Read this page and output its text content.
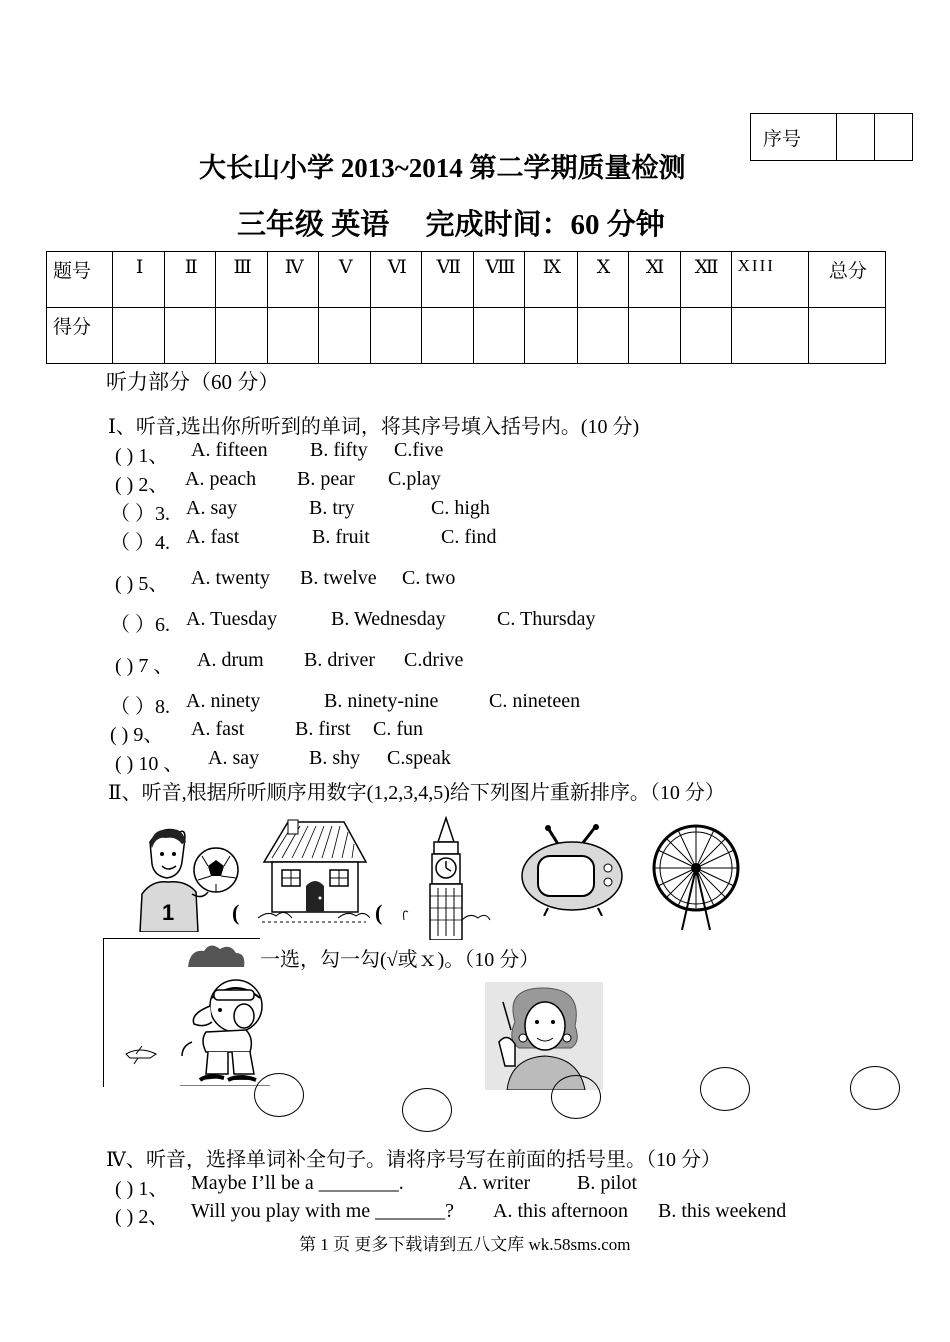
序号		
大长山小学 2013~2014 第二学期质量检测
三年级 英语　 完成时间：60 分钟
题号	Ⅰ	Ⅱ	Ⅲ	Ⅳ	Ⅴ	Ⅵ	Ⅶ	Ⅷ	Ⅸ	Ⅹ	Ⅺ	Ⅻ	XIII	总分
得分														
听力部分（60 分）
Ⅰ、听音,选出你所听到的单词，将其序号填入括号内。(10 分)
( ) 1、 A. fifteen B. fifty C.five
( ) 2、 A. peach B. pear C.play
（ ）3. A. say	B. try	C. high
（ ）4. A. fast	B. fruit	C. find
( ) 5、 A. twenty B. twelve C. two
（ ）6. A. Tuesday	B. Wednesday	C. Thursday
( ) 7 、 A. drum B. driver C.drive
（ ）8. A. ninety	B. ninety-nine	C. nineteen
( ) 9、 A. fast	B. first C. fun
( ) 10 、 A. say B. shy C.speak
Ⅱ、听音,根据所听顺序用数字(1,2,3,4,5)给下列图片重新排序。（10 分）
1	(	(
一选，勾一勾(√或ｘ)。（10 分）
Ⅳ、听音，选择单词补全句子。请将序号写在前面的括号里。（10 分）
( ) 1、 Maybe I’ll be a ________.	A. writer B. pilot
( ) 2、 Will you play with me _______? A. this afternoon B. this weekend
第 1 页 更多下载请到五八文库 wk.58sms.com
